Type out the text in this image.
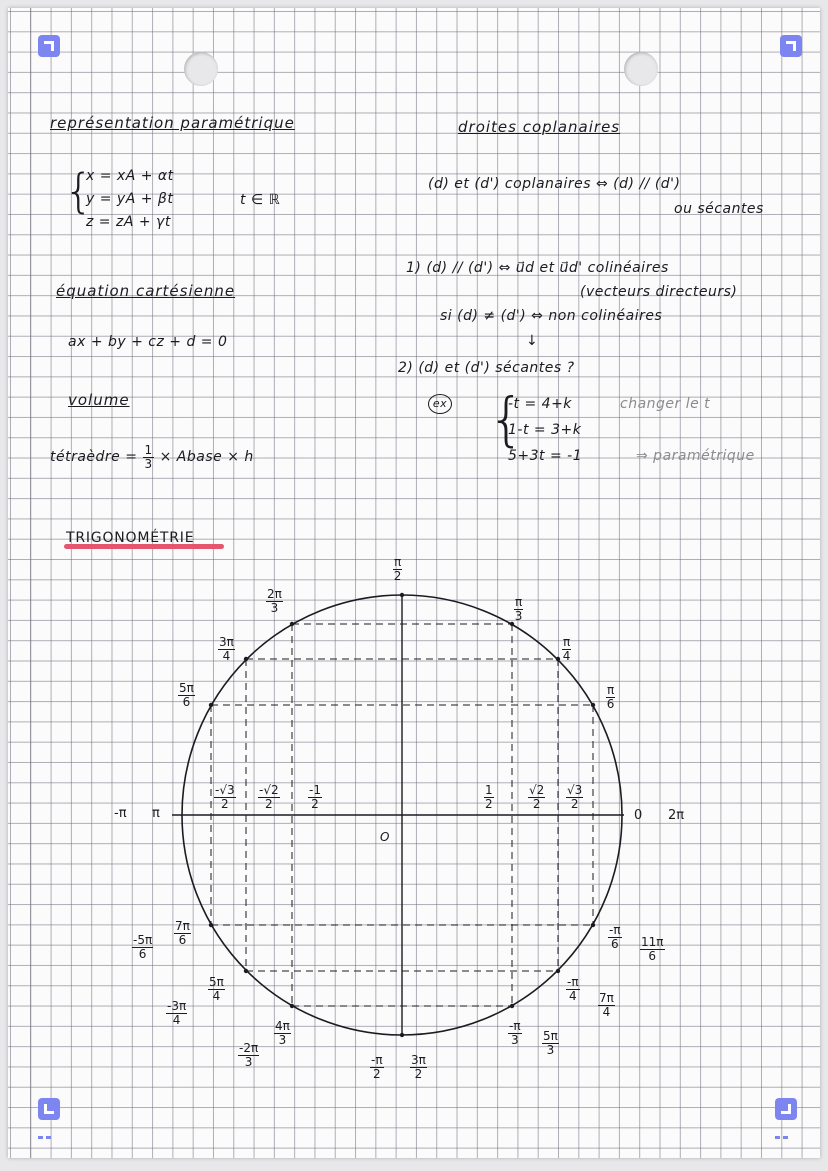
représentation paramétrique
{
x = xA + αt
y = yA + βt
z = zA + γt
t ∈ ℝ
équation cartésienne
ax + by + cz + d = 0
volume
tétraèdre = $\frac{1}{3}$ × Abase × h
droites coplanaires
(d) et (d') coplanaires ⇔ (d) // (d')
ou sécantes
1) (d) // (d') ⇔ u⃗d et u⃗d' colinéaires
(vecteurs directeurs)
si (d) ≠ (d') ⇔ non colinéaires
↓
2) (d) et (d') sécantes ?
ex {
-t = 4+k	changer le t
1-t = 3+k
5+3t = -1	⇒ paramétrique
TRIGONOMÉTRIE
O
0 2π
-π π
$\frac{\pi}{2}$
$\frac{\pi}{3}$
$\frac{\pi}{4}$
$\frac{\pi}{6}$
$\frac{2\pi}{3}$
$\frac{3\pi}{4}$
$\frac{5\pi}{6}$
$\frac{-√3}{2} \frac{-√2}{2} \frac{-1}{2}$	$\frac{1}{2}$	$\frac{√2}{2} \frac{√3}{2}$
$\frac{7\pi}{6}$
$\frac{-5\pi}{6}$
$\frac{5\pi}{4}$
$\frac{-3\pi}{4}$
$\frac{4\pi}{3}$
$\frac{-2\pi}{3}$	$\frac{-\pi}{2} \frac{3\pi}{2}$
$\frac{-\pi}{3} \frac{5\pi}{3}$
$\frac{-\pi}{4}$
$\frac{7\pi}{4}$
$\frac{-\pi}{6} \frac{11\pi}{6}$
